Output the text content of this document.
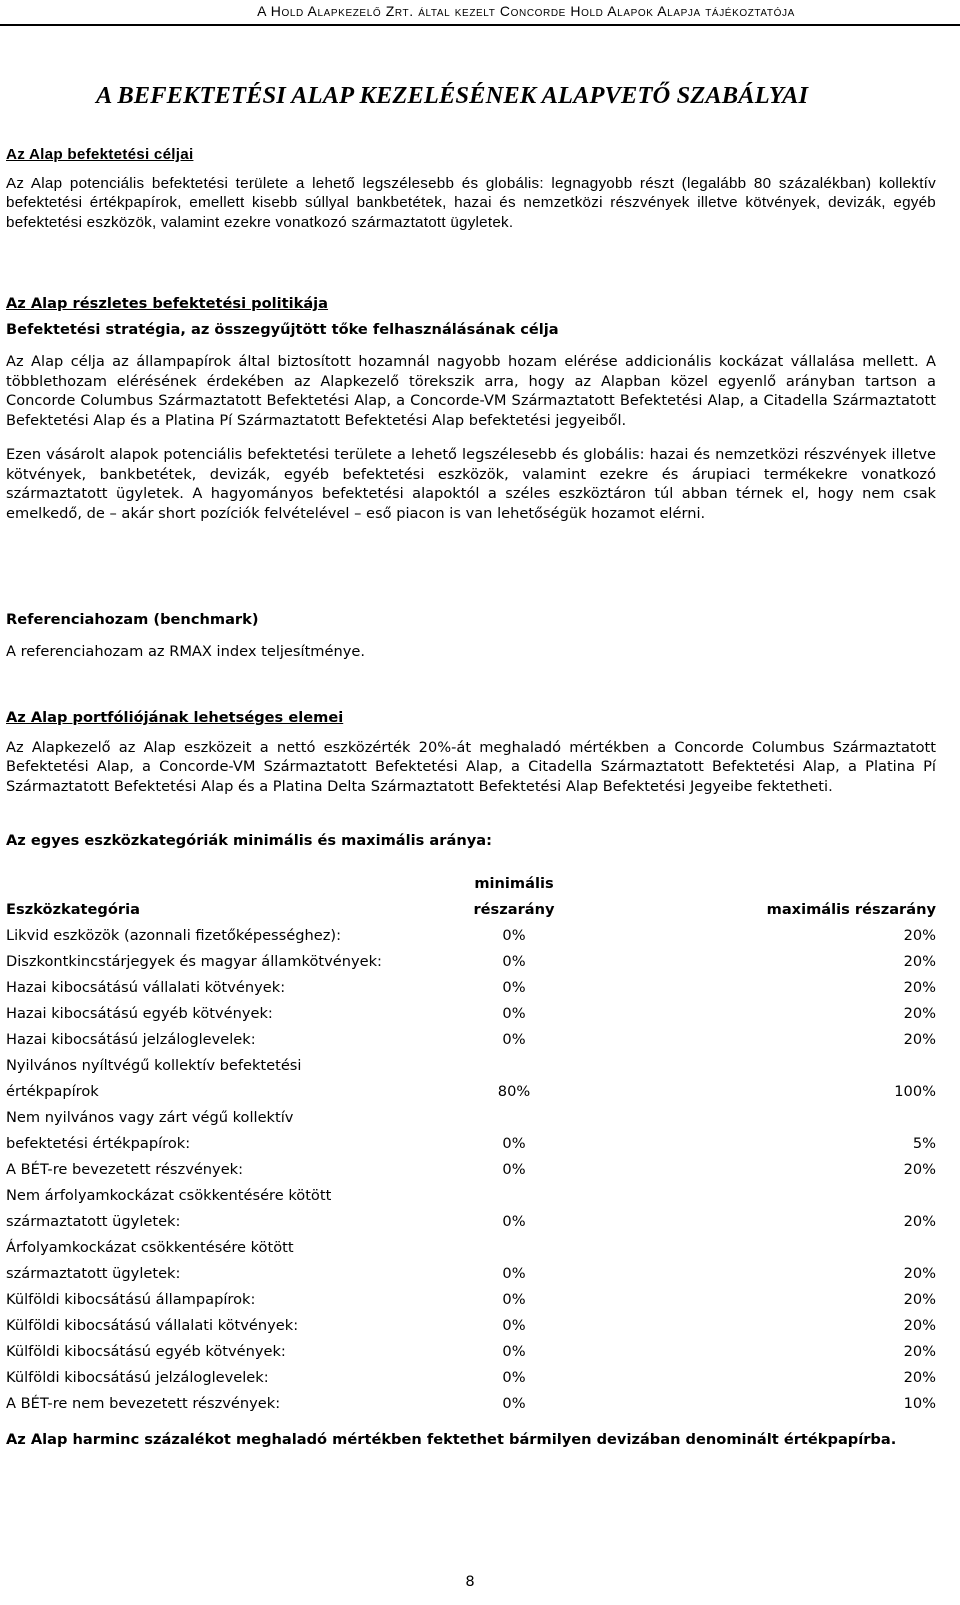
A Hold Alapkezelő Zrt. által kezelt Concorde Hold Alapok Alapja tájékoztatója
A BEFEKTETÉSI ALAP KEZELÉSÉNEK ALAPVETŐ SZABÁLYAI

Az Alap befektetési céljai

Az Alap potenciális befektetési területe a lehető legszélesebb és globális: legnagyobb részt (legalább 80 százalékban) kollektív befektetési értékpapírok, emellett kisebb súllyal bankbetétek, hazai és nemzetközi részvények illetve kötvények, devizák, egyéb befektetési eszközök, valamint ezekre vonatkozó származtatott ügyletek.

Az Alap részletes befektetési politikája

Befektetési stratégia, az összegyűjtött tőke felhasználásának célja

Az Alap célja az állampapírok által biztosított hozamnál nagyobb hozam elérése addicionális kockázat vállalása mellett. A többlethozam elérésének érdekében az Alapkezelő törekszik arra, hogy az Alapban közel egyenlő arányban tartson a Concorde Columbus Származtatott Befektetési Alap, a Concorde-VM Származtatott Befektetési Alap, a Citadella Származtatott Befektetési Alap és a Platina Pí Származtatott Befektetési Alap befektetési jegyeiből.

Ezen vásárolt alapok potenciális befektetési területe a lehető legszélesebb és globális: hazai és nemzetközi részvények illetve kötvények, bankbetétek, devizák, egyéb befektetési eszközök, valamint ezekre és árupiaci termékekre vonatkozó származtatott ügyletek. A hagyományos befektetési alapoktól a széles eszköztáron túl abban térnek el, hogy nem csak emelkedő, de – akár short pozíciók felvételével – eső piacon is van lehetőségük hozamot elérni.

Referenciahozam (benchmark)

A referenciahozam az RMAX index teljesítménye.

Az Alap portfóliójának lehetséges elemei

Az Alapkezelő az Alap eszközeit a nettó eszközérték 20%-át meghaladó mértékben a Concorde Columbus Származtatott Befektetési Alap, a Concorde-VM Származtatott Befektetési Alap, a Citadella Származtatott Befektetési Alap, a Platina Pí Származtatott Befektetési Alap és a Platina Delta Származtatott Befektetési Alap Befektetési Jegyeibe fektetheti.

Az egyes eszközkategóriák minimális és maximális aránya:

Eszközkategória	minimális részarány	maximális részarány

Likvid eszközök (azonnali fizetőképességhez):	0%	20%

Diszkontkincstárjegyek és magyar államkötvények:	0%	20%

Hazai kibocsátású vállalati kötvények:	0%	20%

Hazai kibocsátású egyéb kötvények:	0%	20%

Hazai kibocsátású jelzáloglevelek:	0%	20%

Nyilvános nyíltvégű kollektív befektetési
értékpapírok	80%	100%

Nem nyilvános vagy zárt végű kollektív
befektetési értékpapírok:	0%	5%

A BÉT-re bevezetett részvények:	0%	20%

Nem árfolyamkockázat csökkentésére kötött
származtatott ügyletek:	0%	20%

Árfolyamkockázat csökkentésére kötött
származtatott ügyletek:	0%	20%

Külföldi kibocsátású állampapírok:	0%	20%

Külföldi kibocsátású vállalati kötvények:	0%	20%

Külföldi kibocsátású egyéb kötvények:	0%	20%

Külföldi kibocsátású jelzáloglevelek:	0%	20%

A BÉT-re nem bevezetett részvények:	0%	10%
Az Alap harminc százalékot meghaladó mértékben fektethet bármilyen devizában denominált értékpapírba.
8
